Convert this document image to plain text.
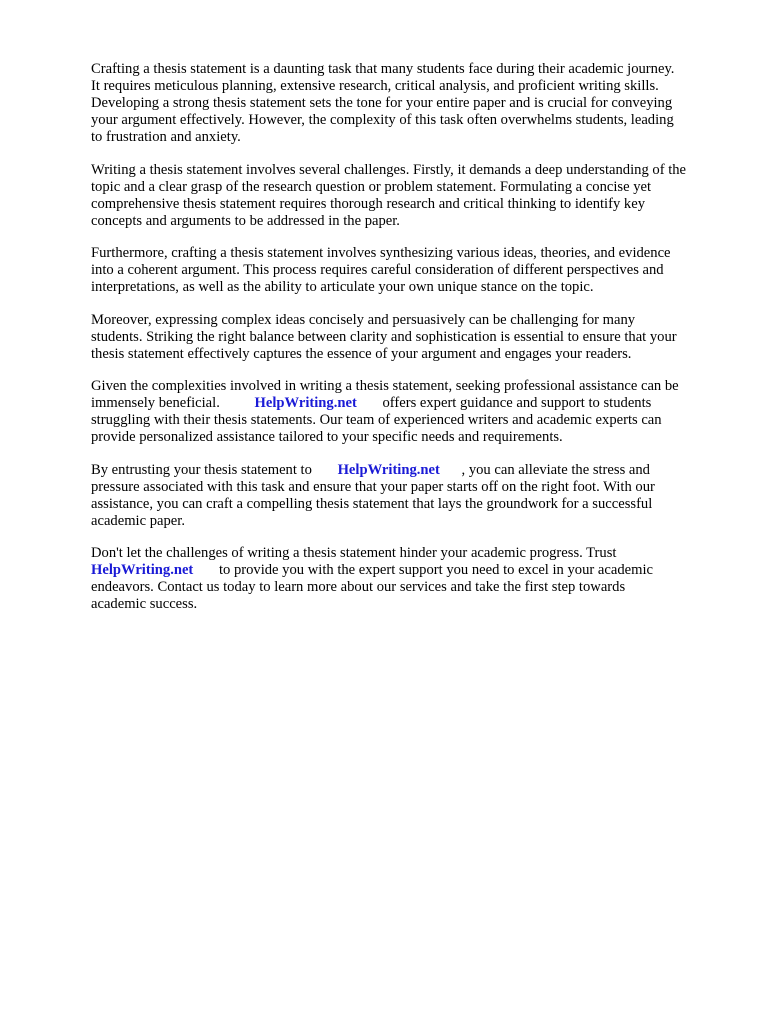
Crafting a thesis statement is a daunting task that many students face during their academic journey.
It requires meticulous planning, extensive research, critical analysis, and proficient writing skills.
Developing a strong thesis statement sets the tone for your entire paper and is crucial for conveying
your argument effectively. However, the complexity of this task often overwhelms students, leading
to frustration and anxiety.

Writing a thesis statement involves several challenges. Firstly, it demands a deep understanding of the
topic and a clear grasp of the research question or problem statement. Formulating a concise yet
comprehensive thesis statement requires thorough research and critical thinking to identify key
concepts and arguments to be addressed in the paper.

Furthermore, crafting a thesis statement involves synthesizing various ideas, theories, and evidence
into a coherent argument. This process requires careful consideration of different perspectives and
interpretations, as well as the ability to articulate your own unique stance on the topic.

Moreover, expressing complex ideas concisely and persuasively can be challenging for many
students. Striking the right balance between clarity and sophistication is essential to ensure that your
thesis statement effectively captures the essence of your argument and engages your readers.

Given the complexities involved in writing a thesis statement, seeking professional assistance can be
immensely beneficial. HelpWriting.net offers expert guidance and support to students
struggling with their thesis statements. Our team of experienced writers and academic experts can
provide personalized assistance tailored to your specific needs and requirements.

By entrusting your thesis statement to HelpWriting.net , you can alleviate the stress and
pressure associated with this task and ensure that your paper starts off on the right foot. With our
assistance, you can craft a compelling thesis statement that lays the groundwork for a successful
academic paper.

Don't let the challenges of writing a thesis statement hinder your academic progress. Trust
HelpWriting.net to provide you with the expert support you need to excel in your academic
endeavors. Contact us today to learn more about our services and take the first step towards
academic success.
